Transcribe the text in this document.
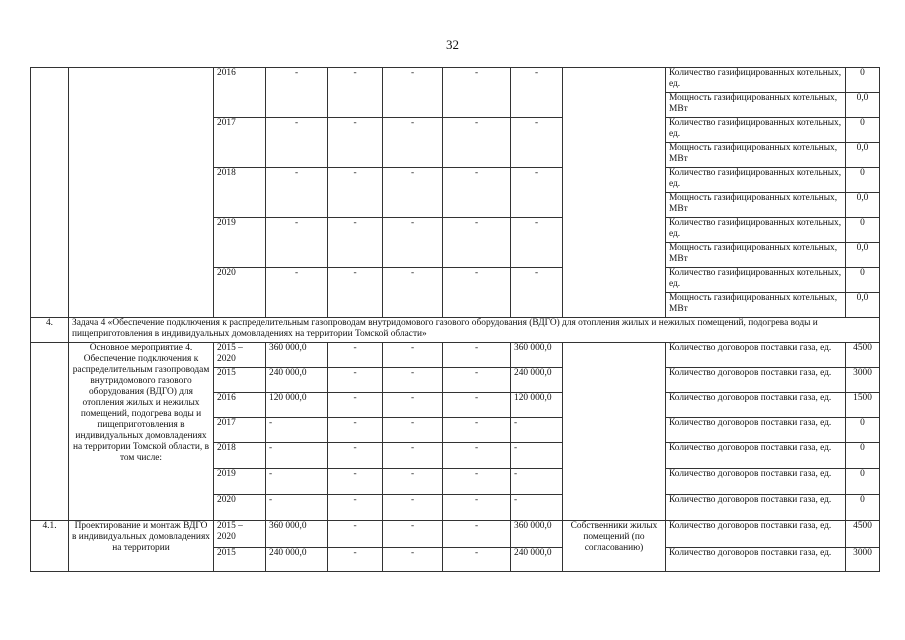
32
		2016	-	-	-	-	-		Количество газифицированных котельных, ед.	0
									Мощность газифицированных котельных, МВт	0,0
		2017	-	-	-	-	-		Количество газифицированных котельных, ед.	0
									Мощность газифицированных котельных, МВт	0,0
		2018	-	-	-	-	-		Количество газифицированных котельных, ед.	0
									Мощность газифицированных котельных, МВт	0,0
		2019	-	-	-	-	-		Количество газифицированных котельных, ед.	0
									Мощность газифицированных котельных, МВт	0,0
		2020	-	-	-	-	-		Количество газифицированных котельных, ед.	0
									Мощность газифицированных котельных, МВт	0,0
4.	Задача 4 «Обеспечение подключения к распределительным газопроводам внутридомового газового оборудования (ВДГО) для отопления жилых и нежилых помещений, подогрева воды и пищеприготовления в индивидуальных домовладениях на территории Томской области»									
	Основное мероприятие 4. Обеспечение подключения к распределительным газопроводам внутридомового газового оборудования (ВДГО) для отопления жилых и нежилых помещений, подогрева воды и пищеприготовления в индивидуальных домовладениях на территории Томской области, в том числе:	2015 – 2020	360 000,0	-	-	-	360 000,0		Количество договоров поставки газа, ед.	4500
		2015	240 000,0	-	-	-	240 000,0		Количество договоров поставки газа, ед.	3000
		2016	120 000,0	-	-	-	120 000,0		Количество договоров поставки газа, ед.	1500
		2017	-	-	-	-	-		Количество договоров поставки газа, ед.	0
		2018	-	-	-	-	-		Количество договоров поставки газа, ед.	0
		2019	-	-	-	-	-		Количество договоров поставки газа, ед.	0
		2020	-	-	-	-	-		Количество договоров поставки газа, ед.	0
4.1.	Проектирование и монтаж ВДГО в индивидуальных домовладениях на территории	2015 – 2020	360 000,0	-	-	-	360 000,0	Собственники жилых помещений (по согласованию)	Количество договоров поставки газа, ед.	4500
		2015	240 000,0	-	-	-	240 000,0		Количество договоров поставки газа, ед.	3000
